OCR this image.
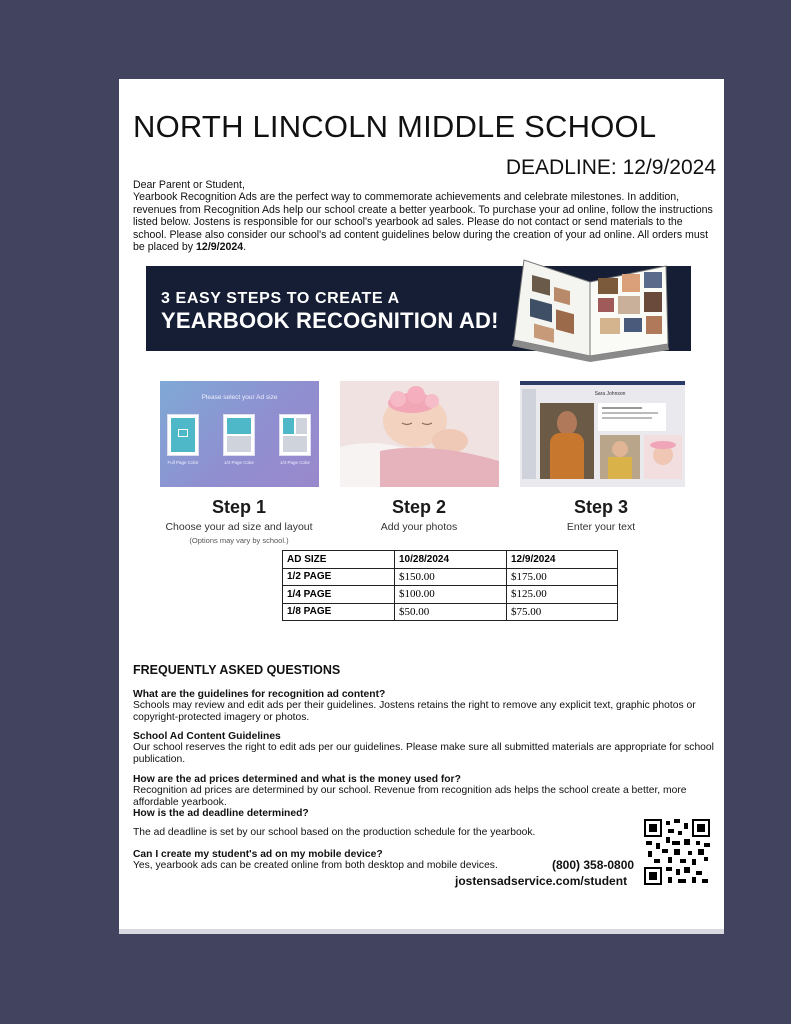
NORTH LINCOLN MIDDLE SCHOOL
DEADLINE: 12/9/2024
Dear Parent or Student,
Yearbook Recognition Ads are the perfect way to commemorate achievements and celebrate milestones. In addition, revenues from Recognition Ads help our school create a better yearbook. To purchase your ad online, follow the instructions listed below. Jostens is responsible for our school's yearbook ad sales. Please do not contact or send materials to the school. Please also consider our school's ad content guidelines below during the creation of your ad online. All orders must be placed by 12/9/2024.
3 EASY STEPS TO CREATE A
YEARBOOK RECOGNITION AD!
Please select your Ad size
Full Page Color	1/4 Page Color	1/4 Page Color
Sara Johnson
Step 1
Choose your ad size and layout
(Options may vary by school.)
Step 2
Add your photos
Step 3
Enter your text
AD SIZE	10/28/2024	12/9/2024
1/2 PAGE	$150.00	$175.00
1/4 PAGE	$100.00	$125.00
1/8 PAGE	$50.00	$75.00
FREQUENTLY ASKED QUESTIONS
What are the guidelines for recognition ad content?
Schools may review and edit ads per their guidelines. Jostens retains the right to remove any explicit text, graphic photos or copyright-protected imagery or photos.
School Ad Content Guidelines
Our school reserves the right to edit ads per our guidelines. Please make sure all submitted materials are appropriate for school publication.
How are the ad prices determined and what is the money used for?
Recognition ad prices are determined by our school. Revenue from recognition ads helps the school create a better, more affordable yearbook.
How is the ad deadline determined?
The ad deadline is set by our school based on the production schedule for the yearbook.
Can I create my student's ad on my mobile device?
Yes, yearbook ads can be created online from both desktop and mobile devices.	(800) 358-0800
jostensadservice.com/student
